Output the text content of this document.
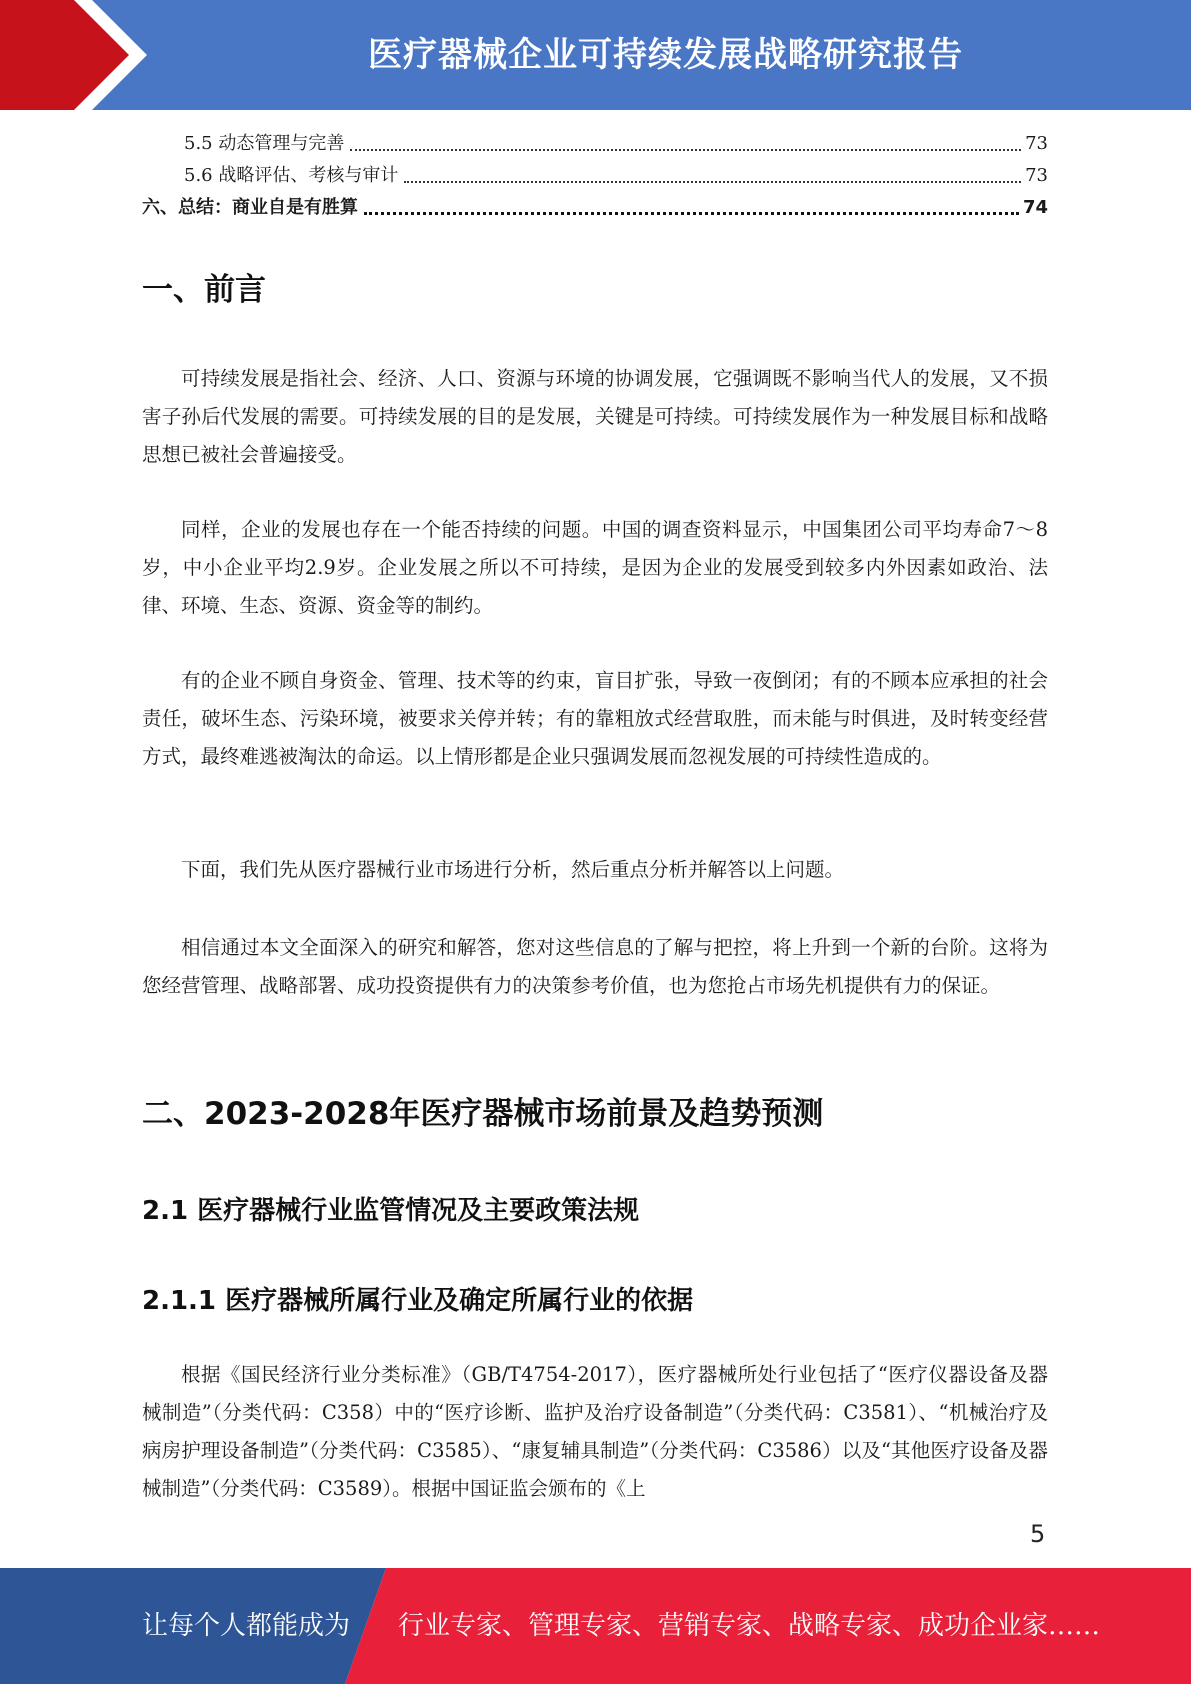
医疗器械企业可持续发展战略研究报告
5.5 动态管理与完善	73
5.6 战略评估、考核与审计	73
六、总结：商业自是有胜算	74
一、前言

可持续发展是指社会、经济、人口、资源与环境的协调发展，它强调既不影响当代人的发展，又不损害子孙后代发展的需要。可持续发展的目的是发展，关键是可持续。可持续发展作为一种发展目标和战略思想已被社会普遍接受。

同样，企业的发展也存在一个能否持续的问题。中国的调查资料显示，中国集团公司平均寿命7～8岁，中小企业平均2.9岁。企业发展之所以不可持续，是因为企业的发展受到较多内外因素如政治、法律、环境、生态、资源、资金等的制约。

有的企业不顾自身资金、管理、技术等的约束，盲目扩张，导致一夜倒闭；有的不顾本应承担的社会责任，破坏生态、污染环境，被要求关停并转；有的靠粗放式经营取胜，而未能与时俱进，及时转变经营方式，最终难逃被淘汰的命运。以上情形都是企业只强调发展而忽视发展的可持续性造成的。

下面，我们先从医疗器械行业市场进行分析，然后重点分析并解答以上问题。

相信通过本文全面深入的研究和解答，您对这些信息的了解与把控，将上升到一个新的台阶。这将为您经营管理、战略部署、成功投资提供有力的决策参考价值，也为您抢占市场先机提供有力的保证。

二、2023-2028年医疗器械市场前景及趋势预测
2.1 医疗器械行业监管情况及主要政策法规
2.1.1 医疗器械所属行业及确定所属行业的依据

根据《国民经济行业分类标准》（GB/T4754-2017），医疗器械所处行业包括了“医疗仪器设备及器械制造”（分类代码：C358）中的“医疗诊断、监护及治疗设备制造”（分类代码：C3581）、“机械治疗及病房护理设备制造”（分类代码：C3585）、“康复辅具制造”（分类代码：C3586）以及“其他医疗设备及器械制造”（分类代码：C3589）。根据中国证监会颁布的《上

5
让每个人都能成为 行业专家、管理专家、营销专家、战略专家、成功企业家……
